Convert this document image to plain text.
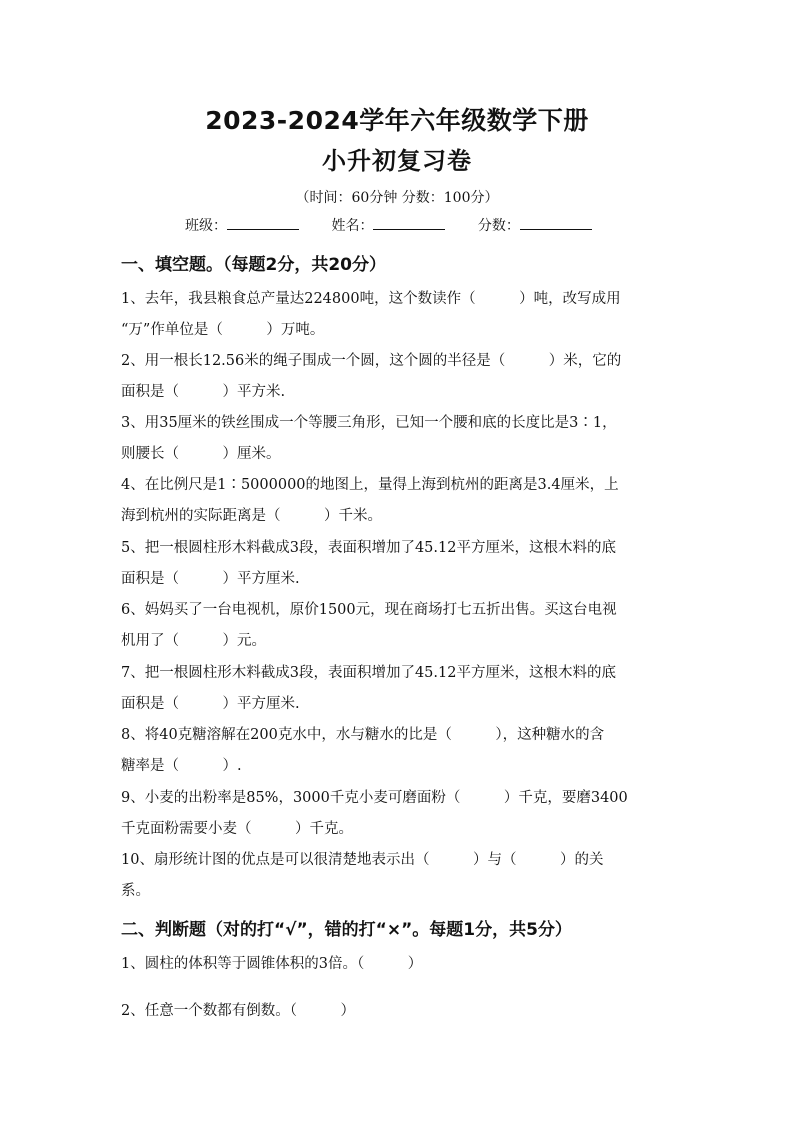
2023-2024学年六年级数学下册
小升初复习卷
（时间：60分钟 分数：100分）
班级：	姓名：	分数：
一、填空题。（每题2分，共20分）
1、去年，我县粮食总产量达224800吨，这个数读作（　　　）吨，改写成用
“万”作单位是（　　　）万吨。
2、用一根长12.56米的绳子围成一个圆，这个圆的半径是（　　　）米，它的
面积是（　　　）平方米.
3、用35厘米的铁丝围成一个等腰三角形，已知一个腰和底的长度比是3∶1，
则腰长（　　　）厘米。
4、在比例尺是1∶5000000的地图上，量得上海到杭州的距离是3.4厘米，上
海到杭州的实际距离是（　　　）千米。
5、把一根圆柱形木料截成3段，表面积增加了45.12平方厘米，这根木料的底
面积是（　　　）平方厘米.
6、妈妈买了一台电视机，原价1500元，现在商场打七五折出售。买这台电视
机用了（　　　）元。
7、把一根圆柱形木料截成3段，表面积增加了45.12平方厘米，这根木料的底
面积是（　　　）平方厘米.
8、将40克糖溶解在200克水中，水与糖水的比是（　　　），这种糖水的含
糖率是（　　　）.
9、小麦的出粉率是85%，3000千克小麦可磨面粉（　　　）千克，要磨3400
千克面粉需要小麦（　　　）千克。
10、扇形统计图的优点是可以很清楚地表示出（　　　）与（　　　）的关
系。
二、判断题（对的打“√”，错的打“×”。每题1分，共5分）
1、圆柱的体积等于圆锥体积的3倍。（　　　）
2、任意一个数都有倒数。（　　　）
